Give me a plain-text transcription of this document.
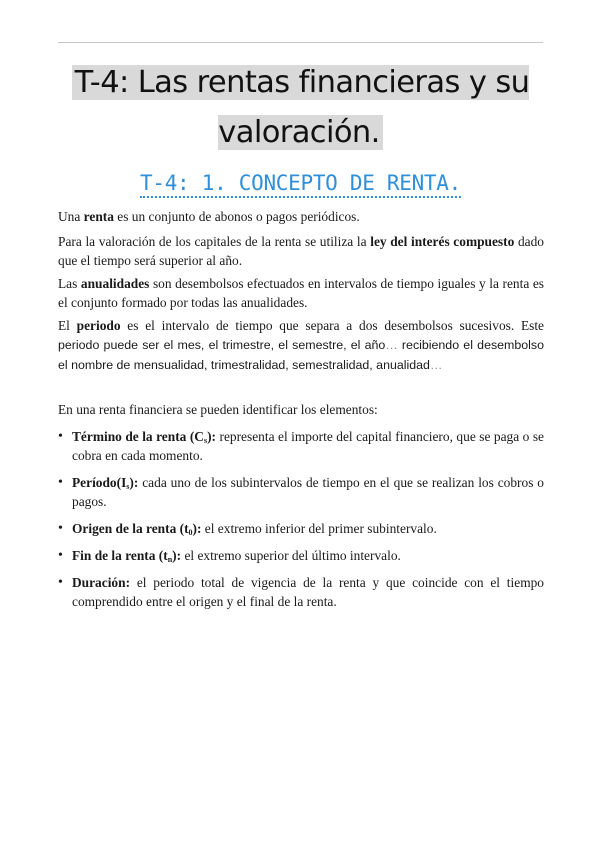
T-4: Las rentas financieras y su valoración.
T-4: 1. CONCEPTO DE RENTA.

Una renta es un conjunto de abonos o pagos periódicos.

Para la valoración de los capitales de la renta se utiliza la ley del interés compuesto dado que el tiempo será superior al año.

Las anualidades son desembolsos efectuados en intervalos de tiempo iguales y la renta es el conjunto formado por todas las anualidades.

El periodo es el intervalo de tiempo que separa a dos desembolsos sucesivos. Este periodo puede ser el mes, el trimestre, el semestre, el año… recibiendo el desembolso el nombre de mensualidad, trimestralidad, semestralidad, anualidad…

En una renta financiera se pueden identificar los elementos:

• Término de la renta $(C_s)$: representa el importe del capital financiero, que se paga o se cobra en cada momento.
• $Período(I_s)$: cada uno de los subintervalos de tiempo en el que se realizan los cobros o pagos.
• Origen de la renta $(t_0)$: el extremo inferior del primer subintervalo.
• Fin de la renta $(t_n)$: el extremo superior del último intervalo.
• Duración: el periodo total de vigencia de la renta y que coincide con el tiempo comprendido entre el origen y el final de la renta.
